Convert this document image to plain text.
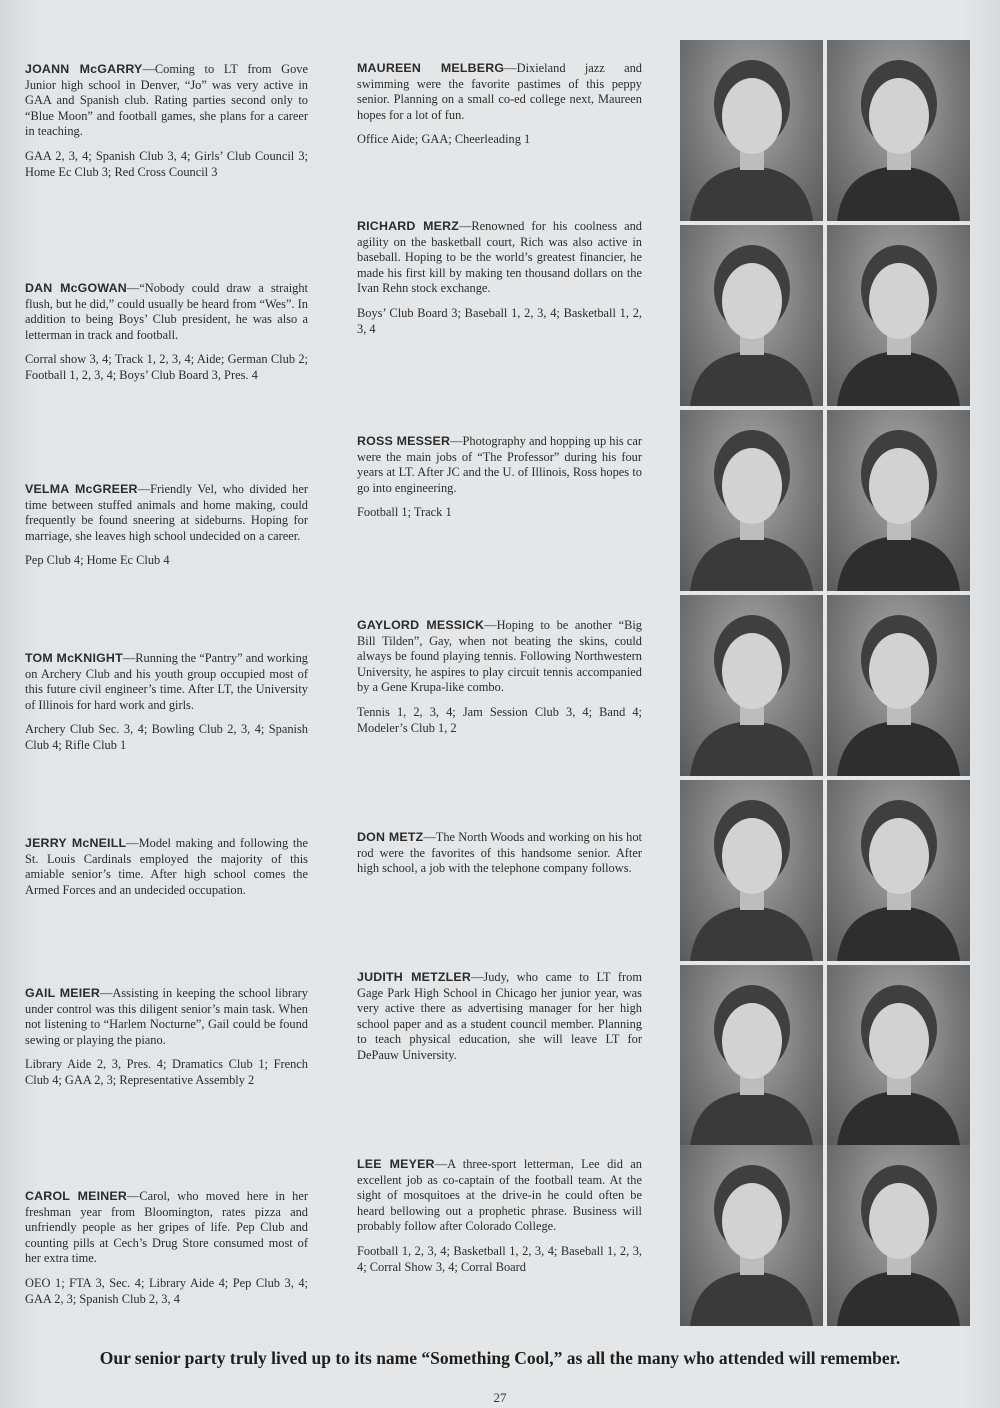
JOANN McGARRY—Coming to LT from Gove Junior high school in Denver, “Jo” was very active in GAA and Spanish club. Rating parties second only to “Blue Moon” and football games, she plans for a career in teaching.

GAA 2, 3, 4; Spanish Club 3, 4; Girls’ Club Council 3; Home Ec Club 3; Red Cross Council 3

DAN McGOWAN—“Nobody could draw a straight flush, but he did,” could usually be heard from “Wes”. In addition to being Boys’ Club president, he was also a letterman in track and football.

Corral show 3, 4; Track 1, 2, 3, 4; Aide; German Club 2; Football 1, 2, 3, 4; Boys’ Club Board 3, Pres. 4

VELMA McGREER—Friendly Vel, who divided her time between stuffed animals and home making, could frequently be found sneering at sideburns. Hoping for marriage, she leaves high school undecided on a career.

Pep Club 4; Home Ec Club 4

TOM McKNIGHT—Running the “Pantry” and working on Archery Club and his youth group occupied most of this future civil engineer’s time. After LT, the University of Illinois for hard work and girls.

Archery Club Sec. 3, 4; Bowling Club 2, 3, 4; Spanish Club 4; Rifle Club 1

JERRY McNEILL—Model making and following the St. Louis Cardinals employed the majority of this amiable senior’s time. After high school comes the Armed Forces and an undecided occupation.

GAIL MEIER—Assisting in keeping the school library under control was this diligent senior’s main task. When not listening to “Harlem Nocturne”, Gail could be found sewing or playing the piano.

Library Aide 2, 3, Pres. 4; Dramatics Club 1; French Club 4; GAA 2, 3; Representative Assembly 2

CAROL MEINER—Carol, who moved here in her freshman year from Bloomington, rates pizza and unfriendly people as her gripes of life. Pep Club and counting pills at Cech’s Drug Store consumed most of her extra time.

OEO 1; FTA 3, Sec. 4; Library Aide 4; Pep Club 3, 4; GAA 2, 3; Spanish Club 2, 3, 4

MAUREEN MELBERG—Dixieland jazz and swimming were the favorite pastimes of this peppy senior. Planning on a small co-ed college next, Maureen hopes for a lot of fun.

Office Aide; GAA; Cheerleading 1

RICHARD MERZ—Renowned for his coolness and agility on the basketball court, Rich was also active in baseball. Hoping to be the world’s greatest financier, he made his first kill by making ten thousand dollars on the Ivan Rehn stock exchange.

Boys’ Club Board 3; Baseball 1, 2, 3, 4; Basketball 1, 2, 3, 4

ROSS MESSER—Photography and hopping up his car were the main jobs of “The Professor” during his four years at LT. After JC and the U. of Illinois, Ross hopes to go into engineering.

Football 1; Track 1

GAYLORD MESSICK—Hoping to be another “Big Bill Tilden”, Gay, when not beating the skins, could always be found playing tennis. Following Northwestern University, he aspires to play circuit tennis accompanied by a Gene Krupa-like combo.

Tennis 1, 2, 3, 4; Jam Session Club 3, 4; Band 4; Modeler’s Club 1, 2

DON METZ—The North Woods and working on his hot rod were the favorites of this handsome senior. After high school, a job with the telephone company follows.

JUDITH METZLER—Judy, who came to LT from Gage Park High School in Chicago her junior year, was very active there as advertising manager for her high school paper and as a student council member. Planning to teach physical education, she will leave LT for DePauw University.

LEE MEYER—A three-sport letterman, Lee did an excellent job as co-captain of the football team. At the sight of mosquitoes at the drive-in he could often be heard bellowing out a prophetic phrase. Business will probably follow after Colorado College.

Football 1, 2, 3, 4; Basketball 1, 2, 3, 4; Baseball 1, 2, 3, 4; Corral Show 3, 4; Corral Board

Our senior party truly lived up to its name “Something Cool,” as all the many who attended will remember.
27
